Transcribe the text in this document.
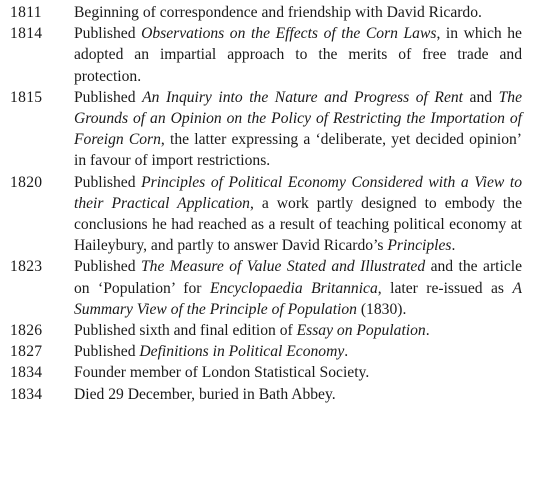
1811	Beginning of correspondence and friendship with David Ricardo.
1814	Published Observations on the Effects of the Corn Laws, in which he adopted an impartial approach to the merits of free trade and protection.
1815	Published An Inquiry into the Nature and Progress of Rent and The Grounds of an Opinion on the Policy of Restricting the Importation of Foreign Corn, the latter expressing a ‘deliberate, yet decided opinion’ in favour of import restrictions.
1820	Published Principles of Political Economy Considered with a View to their Practical Application, a work partly designed to embody the conclusions he had reached as a result of teaching political economy at Haileybury, and partly to answer David Ricardo’s Principles.
1823	Published The Measure of Value Stated and Illustrated and the article on ‘Population’ for Encyclopaedia Britannica, later re-issued as A Summary View of the Principle of Population (1830).
1826	Published sixth and final edition of Essay on Population.
1827	Published Definitions in Political Economy.
1834	Founder member of London Statistical Society.
1834	Died 29 December, buried in Bath Abbey.
